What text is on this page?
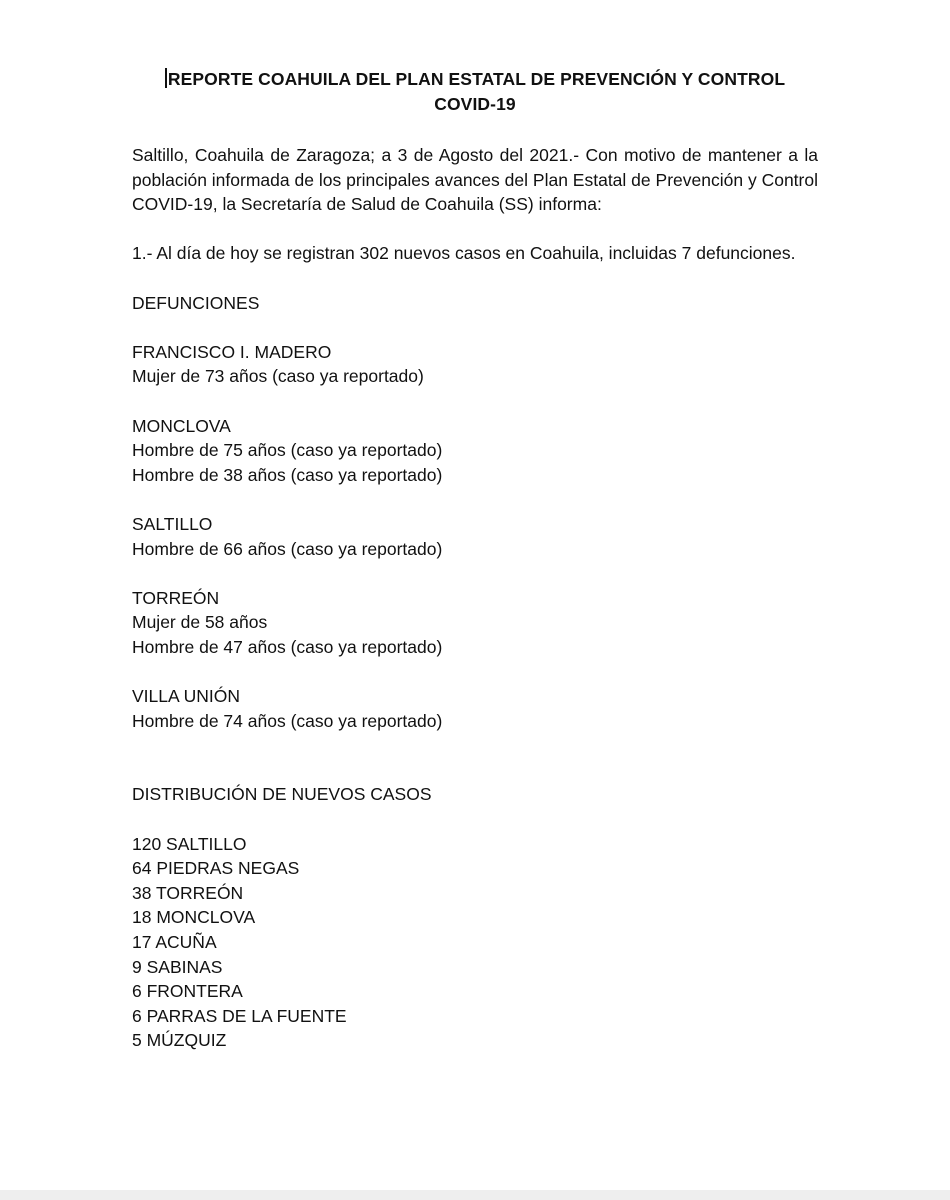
REPORTE COAHUILA DEL PLAN ESTATAL DE PREVENCIÓN Y CONTROL
COVID-19

Saltillo, Coahuila de Zaragoza; a 3 de Agosto del 2021.- Con motivo de mantener a la población informada de los principales avances del Plan Estatal de Prevención y Control COVID-19, la Secretaría de Salud de Coahuila (SS) informa:

1.- Al día de hoy se registran 302 nuevos casos en Coahuila, incluidas 7 defunciones.

DEFUNCIONES

FRANCISCO I. MADERO

Mujer de 73 años (caso ya reportado)

MONCLOVA

Hombre de 75 años (caso ya reportado)

Hombre de 38 años (caso ya reportado)

SALTILLO

Hombre de 66 años (caso ya reportado)

TORREÓN

Mujer de 58 años

Hombre de 47 años (caso ya reportado)

VILLA UNIÓN

Hombre de 74 años (caso ya reportado)

DISTRIBUCIÓN DE NUEVOS CASOS

120 SALTILLO

64 PIEDRAS NEGAS

38 TORREÓN

18 MONCLOVA

17 ACUÑA

9 SABINAS

6 FRONTERA

6 PARRAS DE LA FUENTE

5 MÚZQUIZ
